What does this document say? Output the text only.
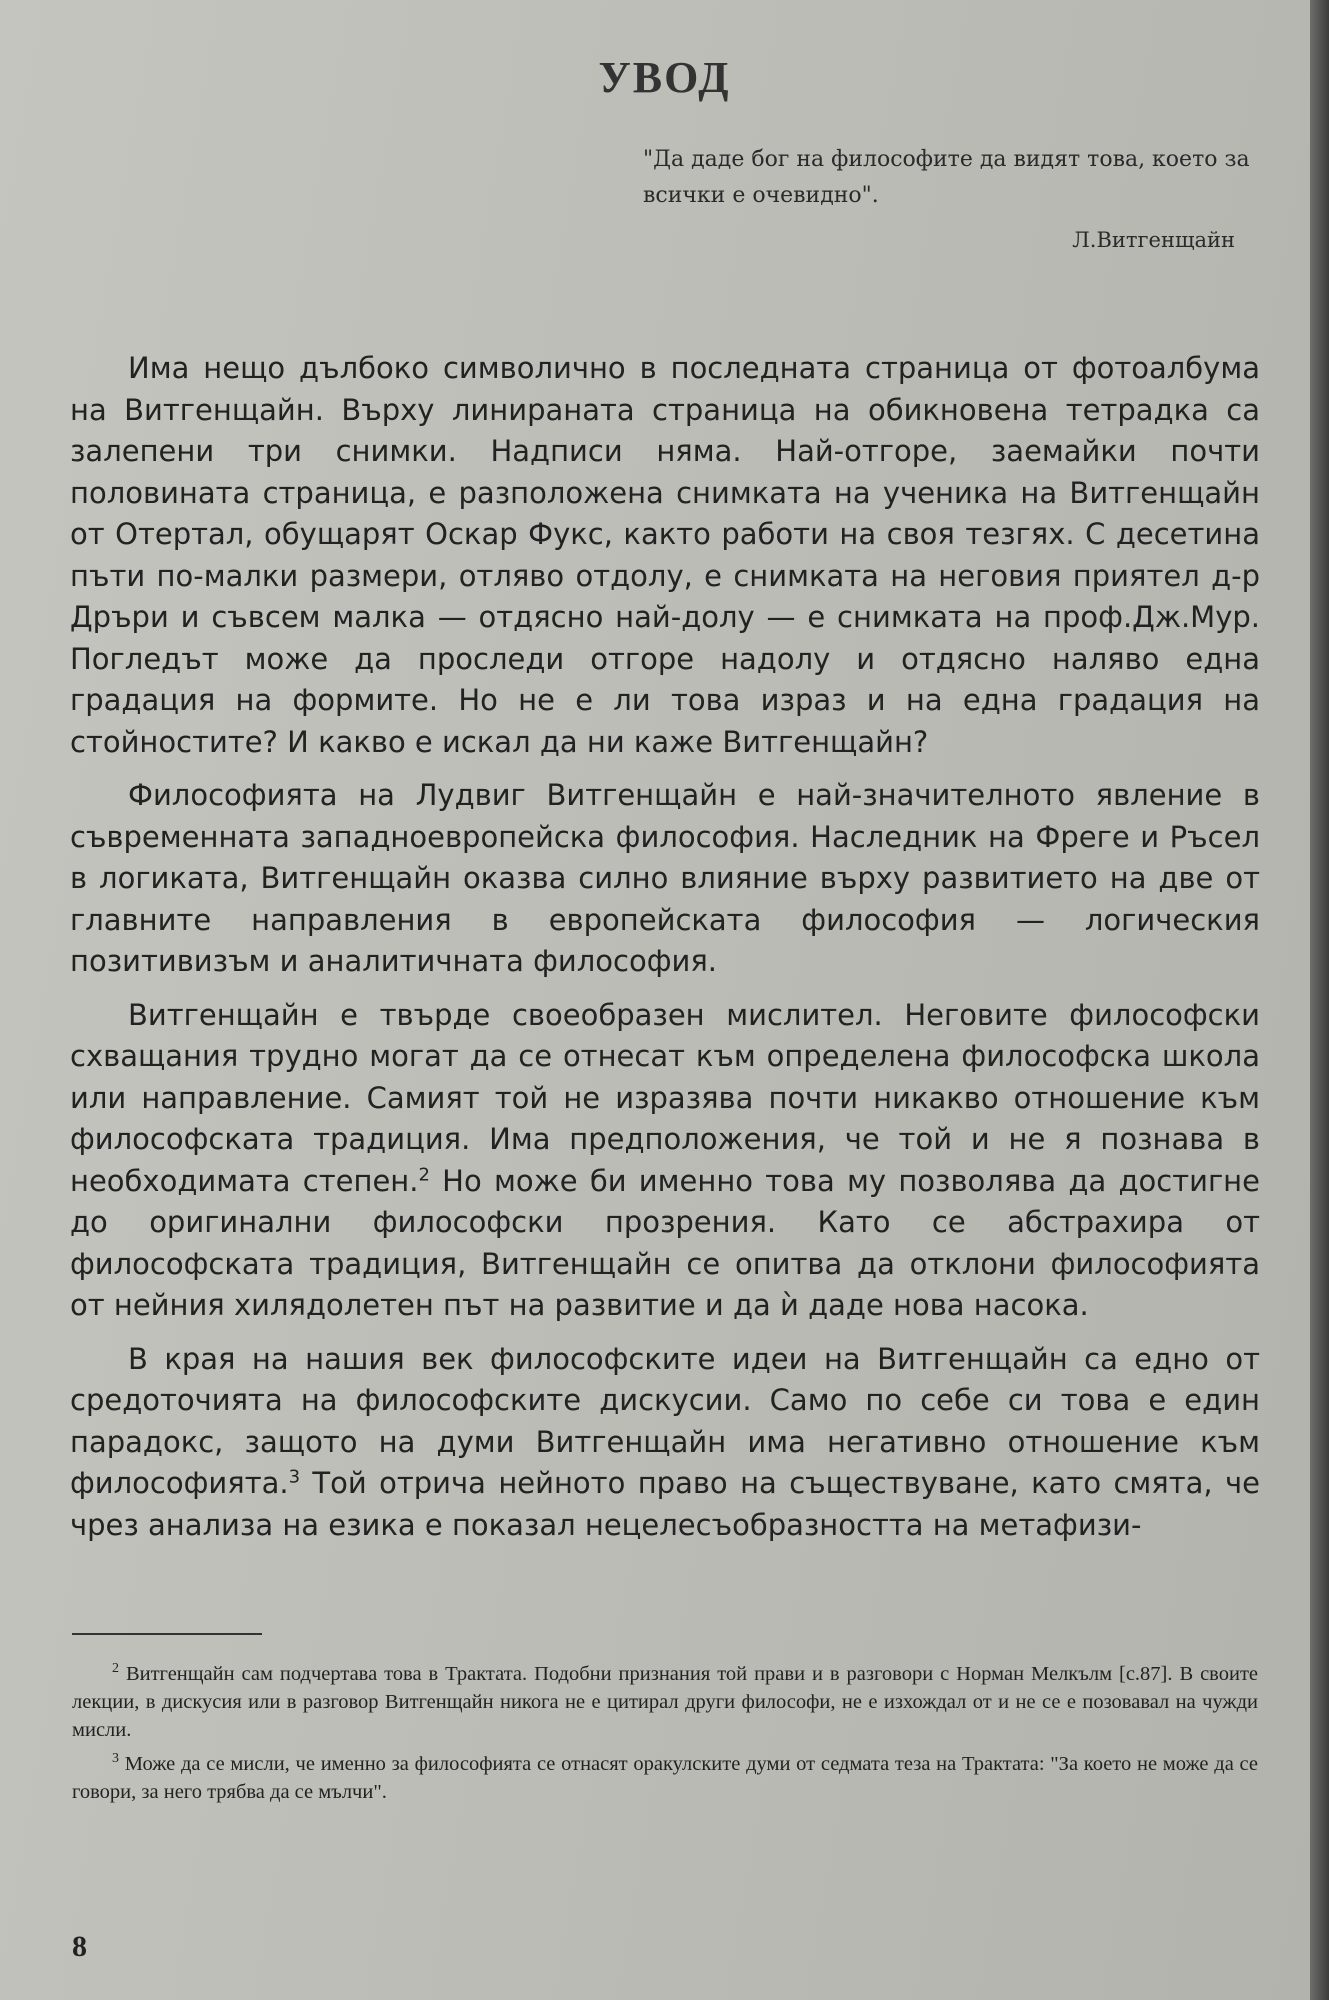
УВОД
"Да даде бог на философите да видят това, което за всички е очевидно".
Л.Витгенщайн

Има нещо дълбоко символично в последната страница от фотоалбума на Витгенщайн. Върху линираната страница на обикновена тетрадка са залепени три снимки. Надписи няма. Най-отгоре, заемайки почти половината страница, е разположена снимката на ученика на Витгенщайн от Отертал, обущарят Оскар Фукс, както работи на своя тезгях. С десетина пъти по-малки размери, отляво отдолу, е снимката на неговия приятел д-р Дръри и съвсем малка — отдясно най-долу — е снимката на проф.Дж.Мур. Погледът може да проследи отгоре надолу и отдясно наляво една градация на формите. Но не е ли това израз и на една градация на стойностите? И какво е искал да ни каже Витгенщайн?

Философията на Лудвиг Витгенщайн е най-значителното явление в съвременната западноевропейска философия. Наследник на Фреге и Ръсел в логиката, Витгенщайн оказва силно влияние върху развитието на две от главните направления в европейската философия — логическия позитивизъм и аналитичната философия.

Витгенщайн е твърде своеобразен мислител. Неговите философски схващания трудно могат да се отнесат към определена философска школа или направление. Самият той не изразява почти никакво отношение към философската традиция. Има предположения, че той и не я познава в необходимата степен.$^2$ Но може би именно това му позволява да достигне до оригинални философски прозрения. Като се абстрахира от философската традиция, Витгенщайн се опитва да отклони философията от нейния хилядолетен път на развитие и да ѝ даде нова насока.

В края на нашия век философските идеи на Витгенщайн са едно от средоточията на философските дискусии. Само по себе си това е един парадокс, защото на думи Витгенщайн има негативно отношение към философията.$^3$ Той отрича нейното право на съществуване, като смята, че чрез анализа на езика е показал нецелесъобразността на метафизи-

$^2$ Витгенщайн сам подчертава това в Трактата. Подобни признания той прави и в разговори с Норман Мелкълм [с.87]. В своите лекции, в дискусия или в разговор Витгенщайн никога не е цитирал други философи, не е изхождал от и не се е позовавал на чужди мисли.

$^3$ Може да се мисли, че именно за философията се отнасят оракулските думи от седмата теза на Трактата: "За което не може да се говори, за него трябва да се мълчи".

8
